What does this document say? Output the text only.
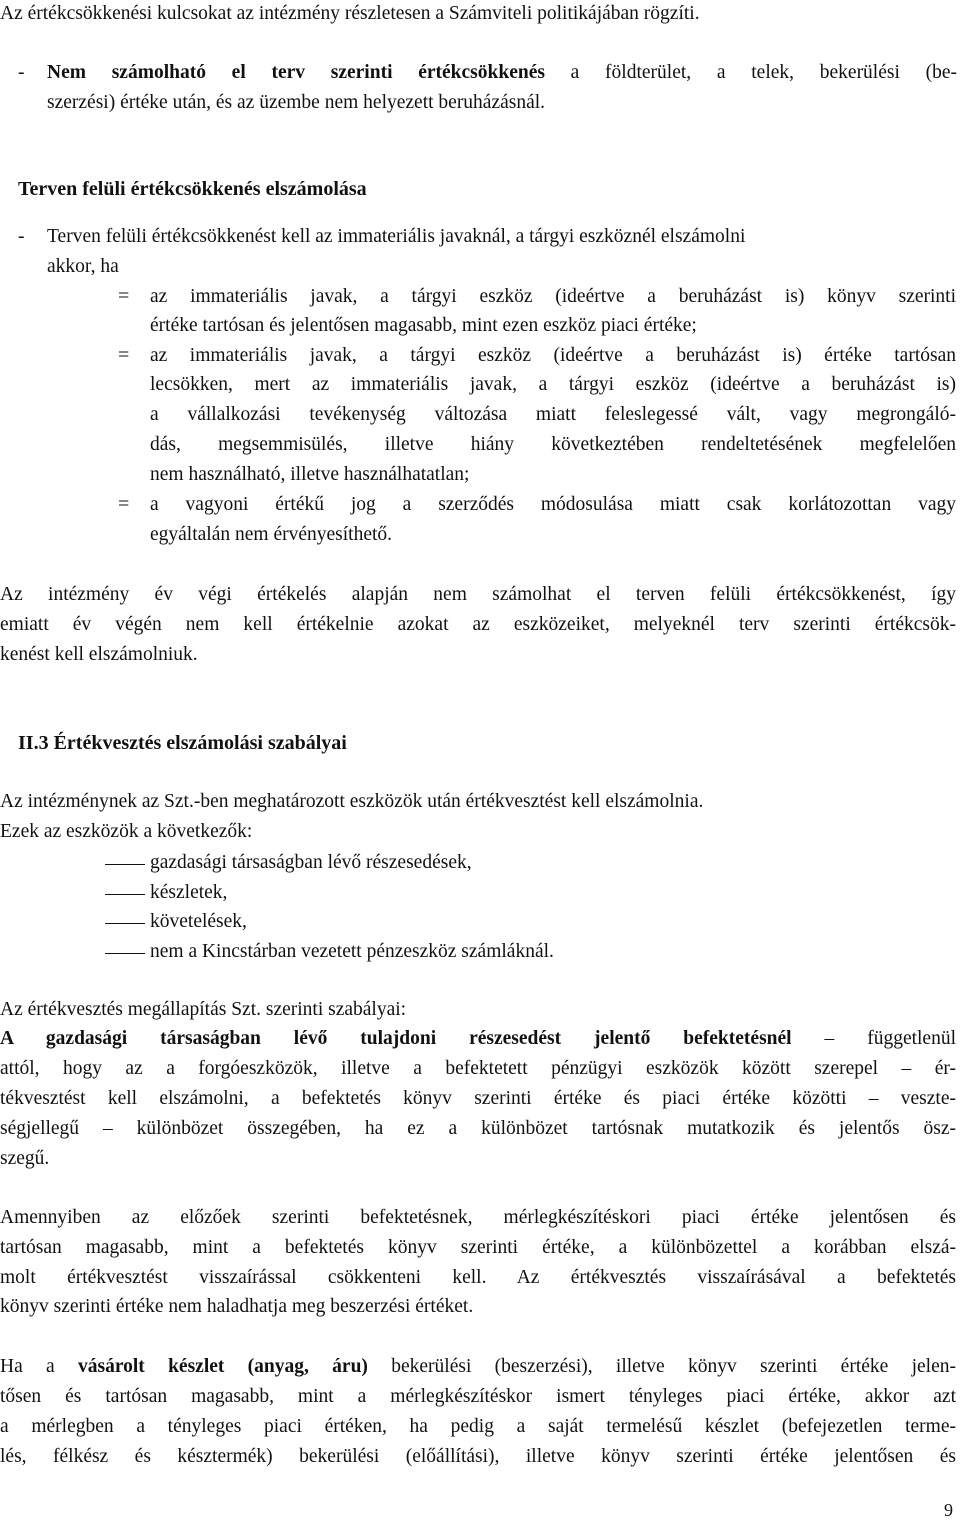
Az értékcsökkenési kulcsokat az intézmény részletesen a Számviteli politikájában rögzíti.

- Nem számolható el terv szerinti értékcsökkenés a földterület, a telek, bekerülési (be-

szerzési) értéke után, és az üzembe nem helyezett beruházásnál.

Terven felüli értékcsökkenés elszámolása

- Terven felüli értékcsökkenést kell az immateriális javaknál, a tárgyi eszköznél elszámolni

akkor, ha

= az immateriális javak, a tárgyi eszköz (ideértve a beruházást is) könyv szerinti

értéke tartósan és jelentősen magasabb, mint ezen eszköz piaci értéke;

= az immateriális javak, a tárgyi eszköz (ideértve a beruházást is) értéke tartósan

lecsökken, mert az immateriális javak, a tárgyi eszköz (ideértve a beruházást is)

a vállalkozási tevékenység változása miatt feleslegessé vált, vagy megrongáló-

dás, megsemmisülés, illetve hiány következtében rendeltetésének megfelelően

nem használható, illetve használhatatlan;

= a vagyoni értékű jog a szerződés módosulása miatt csak korlátozottan vagy

egyáltalán nem érvényesíthető.

Az intézmény év végi értékelés alapján nem számolhat el terven felüli értékcsökkenést, így

emiatt év végén nem kell értékelnie azokat az eszközeiket, melyeknél terv szerinti értékcsök-

kenést kell elszámolniuk.

II.3 Értékvesztés elszámolási szabályai

Az intézménynek az Szt.-ben meghatározott eszközök után értékvesztést kell elszámolnia.

Ezek az eszközök a következők:

gazdasági társaságban lévő részesedések,

készletek,

követelések,

nem a Kincstárban vezetett pénzeszköz számláknál.

Az értékvesztés megállapítás Szt. szerinti szabályai:

A gazdasági társaságban lévő tulajdoni részesedést jelentő befektetésnél – függetlenül

attól, hogy az a forgóeszközök, illetve a befektetett pénzügyi eszközök között szerepel – ér-

tékvesztést kell elszámolni, a befektetés könyv szerinti értéke és piaci értéke közötti – veszte-

ségjellegű – különbözet összegében, ha ez a különbözet tartósnak mutatkozik és jelentős ösz-

szegű.

Amennyiben az előzőek szerinti befektetésnek, mérlegkészítéskori piaci értéke jelentősen és

tartósan magasabb, mint a befektetés könyv szerinti értéke, a különbözettel a korábban elszá-

molt értékvesztést visszaírással csökkenteni kell. Az értékvesztés visszaírásával a befektetés

könyv szerinti értéke nem haladhatja meg beszerzési értéket.

Ha a vásárolt készlet (anyag, áru) bekerülési (beszerzési), illetve könyv szerinti értéke jelen-

tősen és tartósan magasabb, mint a mérlegkészítéskor ismert tényleges piaci értéke, akkor azt

a mérlegben a tényleges piaci értéken, ha pedig a saját termelésű készlet (befejezetlen terme-

lés, félkész és késztermék) bekerülési (előállítási), illetve könyv szerinti értéke jelentősen és

9
